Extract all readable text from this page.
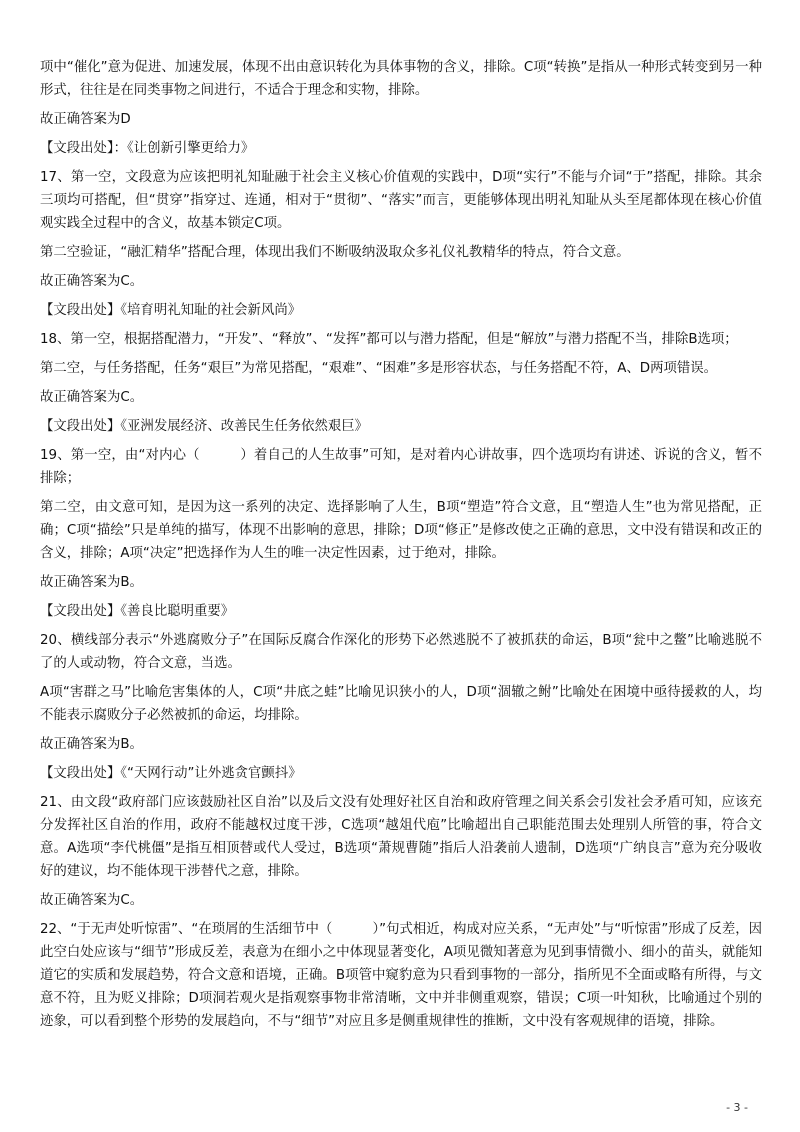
项中“催化”意为促进、加速发展，体现不出由意识转化为具体事物的含义，排除。C项“转换”是指从一种形式转变到另一种形式，往往是在同类事物之间进行，不适合于理念和实物，排除。

故正确答案为D

【文段出处】：《让创新引擎更给力》

17、第一空，文段意为应该把明礼知耻融于社会主义核心价值观的实践中，D项“实行”不能与介词“于”搭配，排除。其余三项均可搭配，但“贯穿”指穿过、连通，相对于“贯彻”、“落实”而言，更能够体现出明礼知耻从头至尾都体现在核心价值观实践全过程中的含义，故基本锁定C项。

第二空验证，“融汇精华”搭配合理，体现出我们不断吸纳汲取众多礼仪礼教精华的特点，符合文意。

故正确答案为C。

【文段出处】《培育明礼知耻的社会新风尚》

18、第一空，根据搭配潜力，“开发”、“释放”、“发挥”都可以与潜力搭配，但是“解放”与潜力搭配不当，排除B选项；

第二空，与任务搭配，任务“艰巨”为常见搭配，“艰难”、“困难”多是形容状态，与任务搭配不符，A、D两项错误。

故正确答案为C。

【文段出处】《亚洲发展经济、改善民生任务依然艰巨》

19、第一空，由“对内心（　　　）着自己的人生故事”可知，是对着内心讲故事，四个选项均有讲述、诉说的含义，暂不排除；

第二空，由文意可知，是因为这一系列的决定、选择影响了人生，B项“塑造”符合文意，且“塑造人生”也为常见搭配，正确；C项“描绘”只是单纯的描写，体现不出影响的意思，排除；D项“修正”是修改使之正确的意思，文中没有错误和改正的含义，排除；A项“决定”把选择作为人生的唯一决定性因素，过于绝对，排除。

故正确答案为B。

【文段出处】《善良比聪明重要》

20、横线部分表示“外逃腐败分子”在国际反腐合作深化的形势下必然逃脱不了被抓获的命运，B项“瓮中之鳖”比喻逃脱不了的人或动物，符合文意，当选。

A项“害群之马”比喻危害集体的人，C项“井底之蛙”比喻见识狭小的人，D项“涸辙之鲋”比喻处在困境中亟待援救的人，均不能表示腐败分子必然被抓的命运，均排除。

故正确答案为B。

【文段出处】《“天网行动”让外逃贪官颤抖》

21、由文段“政府部门应该鼓励社区自治”以及后文没有处理好社区自治和政府管理之间关系会引发社会矛盾可知，应该充分发挥社区自治的作用，政府不能越权过度干涉，C选项“越俎代庖”比喻超出自己职能范围去处理别人所管的事，符合文意。A选项“李代桃僵”是指互相顶替或代人受过，B选项“萧规曹随”指后人沿袭前人遗制，D选项“广纳良言”意为充分吸收好的建议，均不能体现干涉替代之意，排除。

故正确答案为C。

22、“于无声处听惊雷”、“在琐屑的生活细节中（　　　）”句式相近，构成对应关系，“无声处”与“听惊雷”形成了反差，因此空白处应该与“细节”形成反差，表意为在细小之中体现显著变化，A项见微知著意为见到事情微小、细小的苗头，就能知道它的实质和发展趋势，符合文意和语境，正确。B项管中窥豹意为只看到事物的一部分，指所见不全面或略有所得，与文意不符，且为贬义排除；D项洞若观火是指观察事物非常清晰，文中并非侧重观察，错误；C项一叶知秋，比喻通过个别的迹象，可以看到整个形势的发展趋向，不与“细节”对应且多是侧重规律性的推断，文中没有客观规律的语境，排除。

- 3 -
